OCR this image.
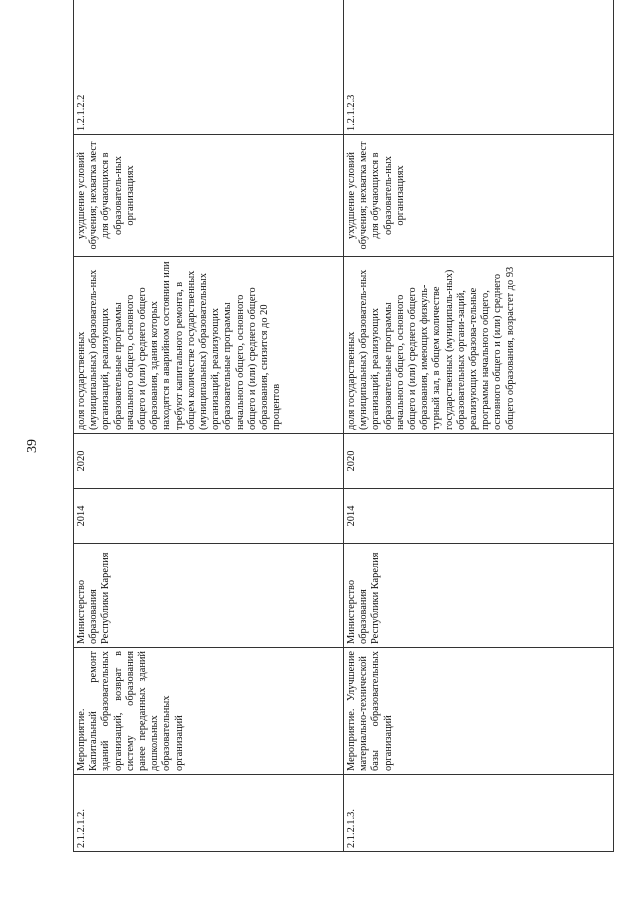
39
2.1.2.1.2.	Мероприятие. Капитальный ремонт зданий образовательных организаций, возврат в систему образования ранее переданных зданий дошкольных образовательных организаций	Министерство образования Республики Карелия	2014	2020	доля государственных (муниципальных) образователь-ных организаций, реализующих образовательные программы начального общего, основного общего и (или) среднего общего образования, здания которых находятся в аварийном состоянии или требуют капитального ремонта, в общем количестве государственных (муниципальных) образовательных организаций, реализующих образовательные программы начального общего, основного общего и (или) среднего общего образования, снизится до 20 процентов	ухудшение условий обучения; нехватка мест для обучающихся в образователь-ных организациях	1.2.1.2.2
2.1.2.1.3.	Мероприятие. Улучшение материально-технической базы образовательных организаций	Министерство образования Республики Карелия	2014	2020	доля государственных (муниципальных) образователь-ных организаций, реализующих образовательные программы начального общего, основного общего и (или) среднего общего образования, имеющих физкуль-турный зал, в общем количестве государственных (муниципаль-ных) образовательных органи-заций, реализующих образова-тельные программы начального общего, основного общего и (или) среднего общего образования, возрастет до 93	ухудшение условий обучения; нехватка мест для обучающихся в образователь-ных организациях	1.2.1.2.3
